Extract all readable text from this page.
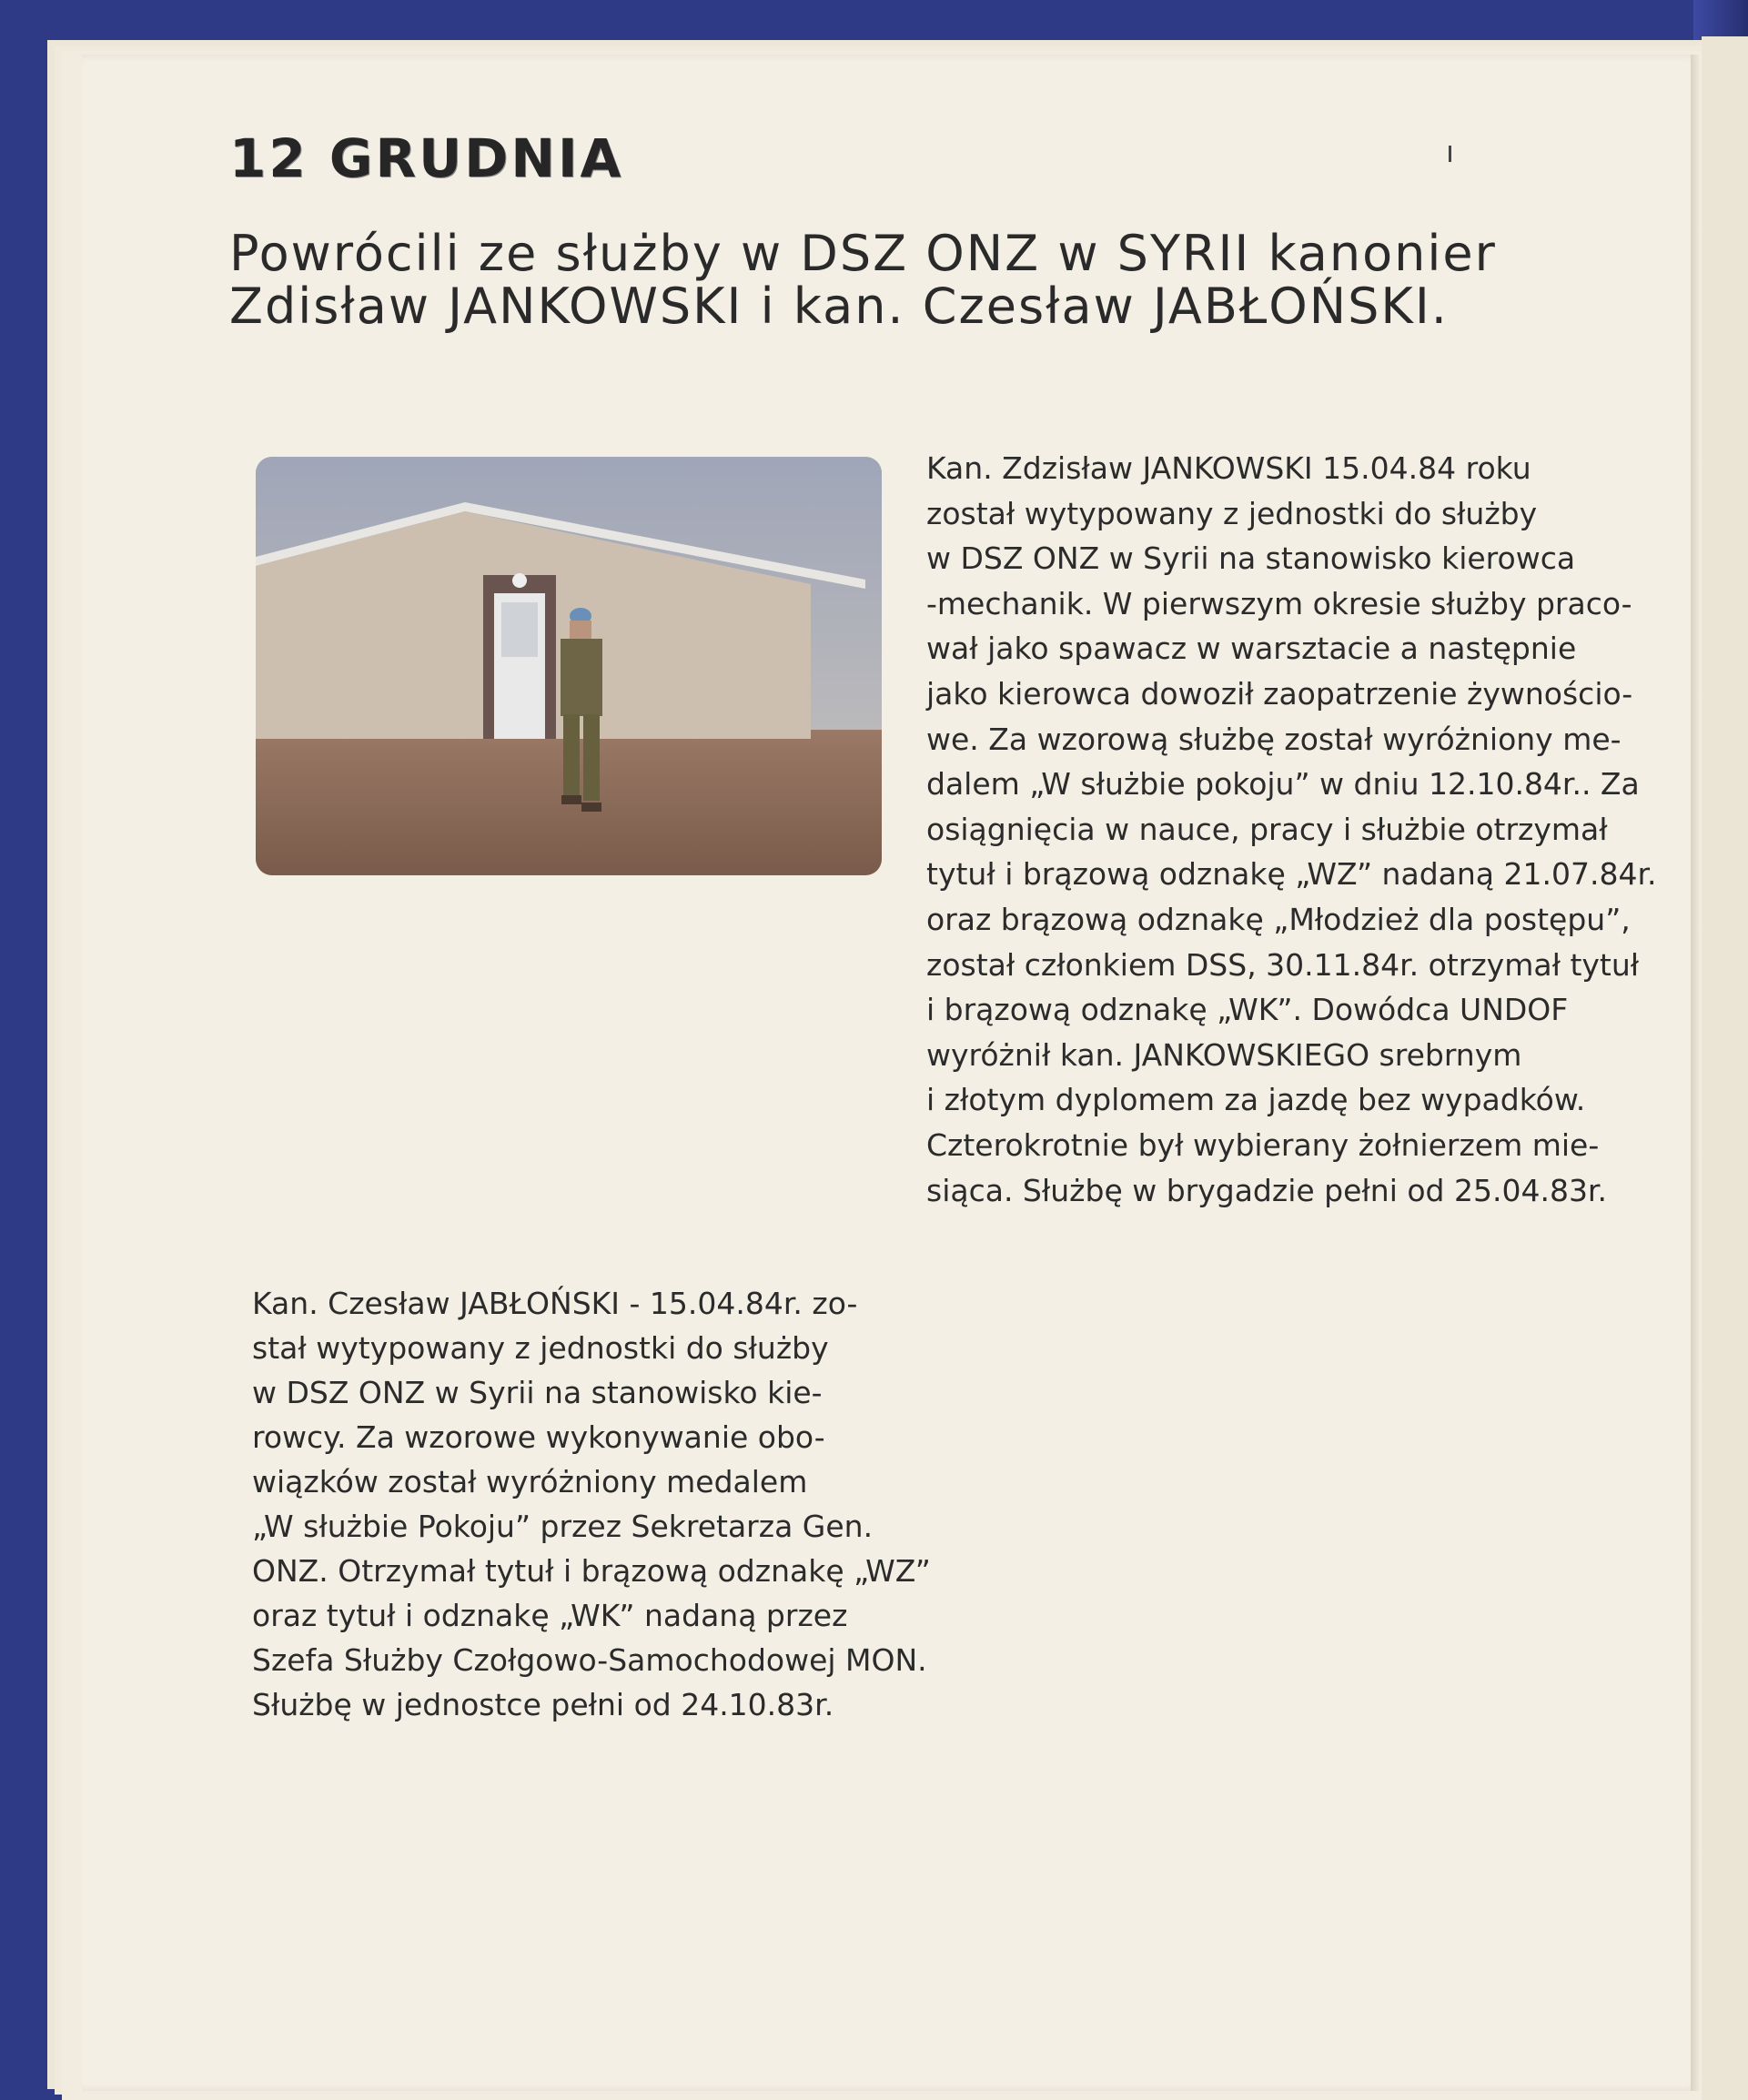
12 GRUDNIA
Powrócili ze służby w DSZ ONZ w SYRII kanonier
Zdisław JANKOWSKI i kan. Czesław JABŁOŃSKI.

Kan. Zdzisław JANKOWSKI 15.04.84 roku

został wytypowany z jednostki do służby

w DSZ ONZ w Syrii na stanowisko kierowca

-mechanik. W pierwszym okresie służby praco-

wał jako spawacz w warsztacie a następnie

jako kierowca dowoził zaopatrzenie żywnościo-

we. Za wzorową służbę został wyróżniony me-

dalem „W służbie pokoju” w dniu 12.10.84r.. Za

osiągnięcia w nauce, pracy i służbie otrzymał

tytuł i brązową odznakę „WZ” nadaną 21.07.84r.

oraz brązową odznakę „Młodzież dla postępu”,

został członkiem DSS, 30.11.84r. otrzymał tytuł

i brązową odznakę „WK”. Dowódca UNDOF

wyróżnił kan. JANKOWSKIEGO srebrnym

i złotym dyplomem za jazdę bez wypadków.

Czterokrotnie był wybierany żołnierzem mie-

siąca. Służbę w brygadzie pełni od 25.04.83r.

Kan. Czesław JABŁOŃSKI - 15.04.84r. zo-

stał wytypowany z jednostki do służby

w DSZ ONZ w Syrii na stanowisko kie-

rowcy. Za wzorowe wykonywanie obo-

wiązków został wyróżniony medalem

„W służbie Pokoju” przez Sekretarza Gen.

ONZ. Otrzymał tytuł i brązową odznakę „WZ”

oraz tytuł i odznakę „WK” nadaną przez

Szefa Służby Czołgowo-Samochodowej MON.

Służbę w jednostce pełni od 24.10.83r.
